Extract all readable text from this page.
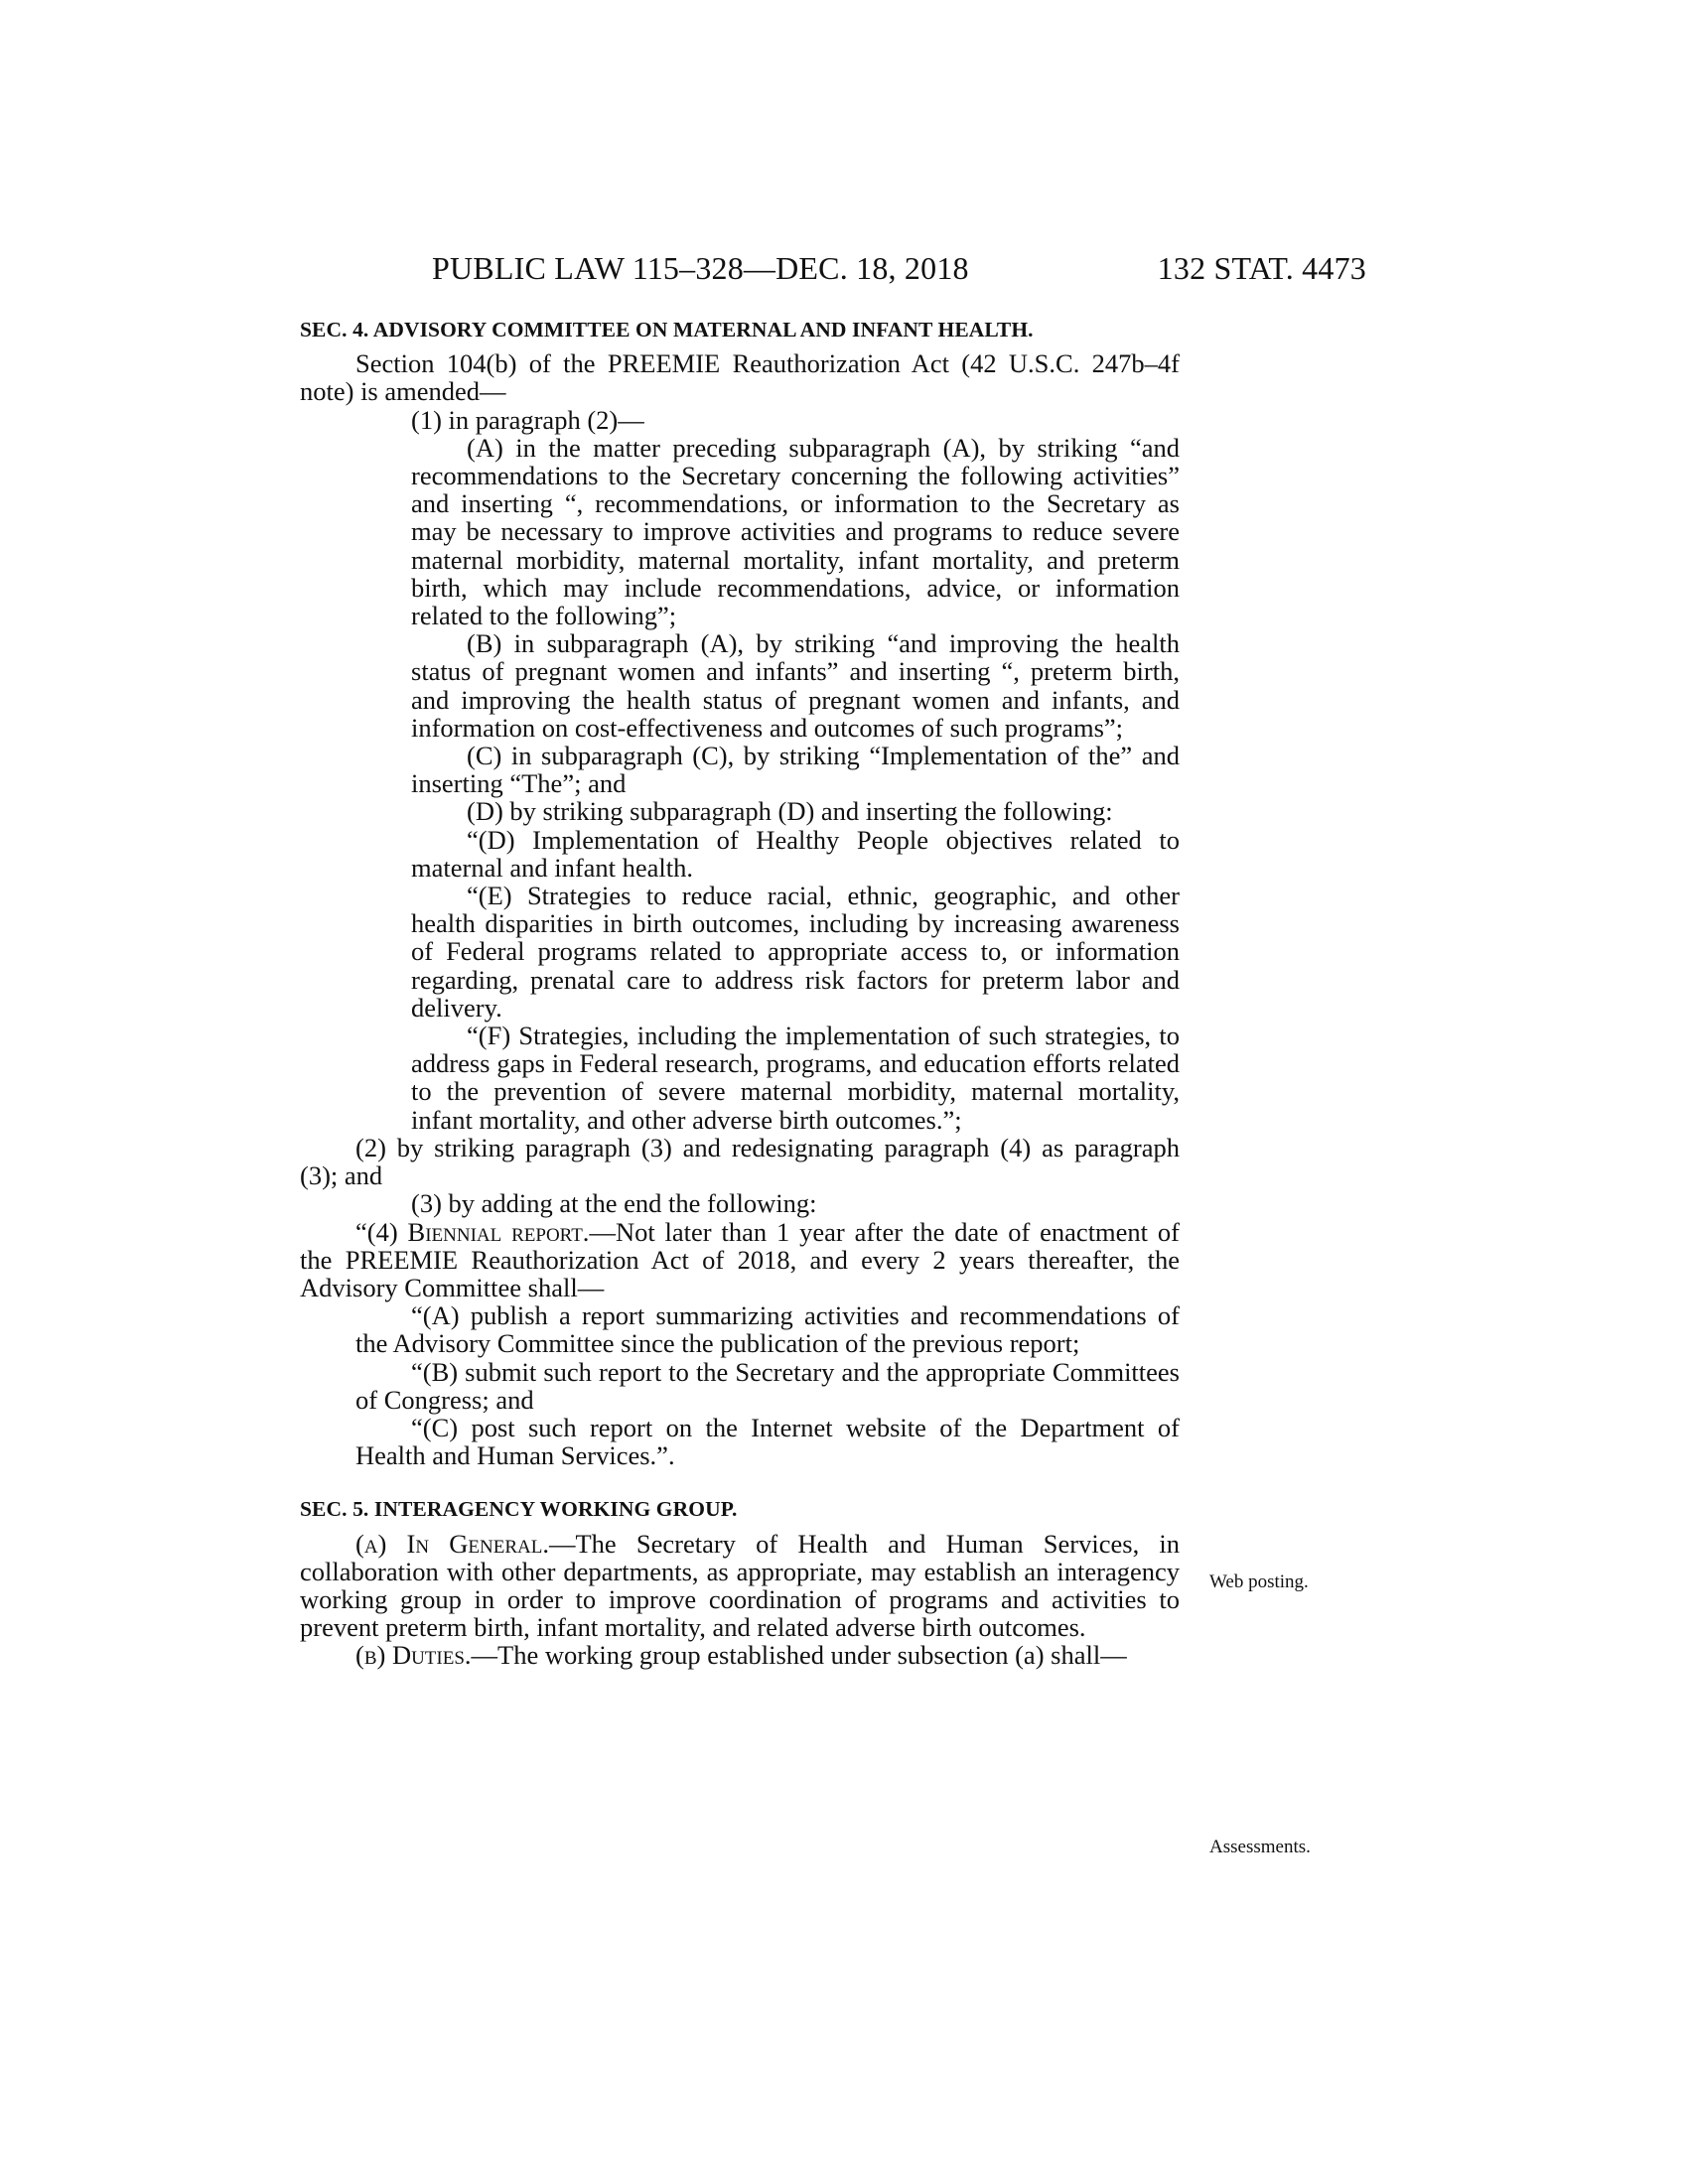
PUBLIC LAW 115–328—DEC. 18, 2018	132 STAT. 4473
SEC. 4. ADVISORY COMMITTEE ON MATERNAL AND INFANT HEALTH.

Section 104(b) of the PREEMIE Reauthorization Act (42 U.S.C. 247b–4f note) is amended—

(1) in paragraph (2)—

(A) in the matter preceding subparagraph (A), by striking “and recommendations to the Secretary concerning the following activities” and inserting “, recommendations, or information to the Secretary as may be necessary to improve activities and programs to reduce severe maternal morbidity, maternal mortality, infant mortality, and preterm birth, which may include recommendations, advice, or information related to the following”;

(B) in subparagraph (A), by striking “and improving the health status of pregnant women and infants” and inserting “, preterm birth, and improving the health status of pregnant women and infants, and information on cost-effectiveness and outcomes of such programs”;

(C) in subparagraph (C), by striking “Implementation of the” and inserting “The”; and

(D) by striking subparagraph (D) and inserting the following:

“(D) Implementation of Healthy People objectives related to maternal and infant health.

“(E) Strategies to reduce racial, ethnic, geographic, and other health disparities in birth outcomes, including by increasing awareness of Federal programs related to appropriate access to, or information regarding, prenatal care to address risk factors for preterm labor and delivery.

“(F) Strategies, including the implementation of such strategies, to address gaps in Federal research, programs, and education efforts related to the prevention of severe maternal morbidity, maternal mortality, infant mortality, and other adverse birth outcomes.”;

(2) by striking paragraph (3) and redesignating paragraph (4) as paragraph (3); and

(3) by adding at the end the following:

“(4) Biennial report.—Not later than 1 year after the date of enactment of the PREEMIE Reauthorization Act of 2018, and every 2 years thereafter, the Advisory Committee shall—

“(A) publish a report summarizing activities and recommendations of the Advisory Committee since the publication of the previous report;

“(B) submit such report to the Secretary and the appropriate Committees of Congress; and

“(C) post such report on the Internet website of the Department of Health and Human Services.”.

SEC. 5. INTERAGENCY WORKING GROUP.

(a) In General.—The Secretary of Health and Human Services, in collaboration with other departments, as appropriate, may establish an interagency working group in order to improve coordination of programs and activities to prevent preterm birth, infant mortality, and related adverse birth outcomes.

(b) Duties.—The working group established under subsection (a) shall—

Web posting.
Assessments.
